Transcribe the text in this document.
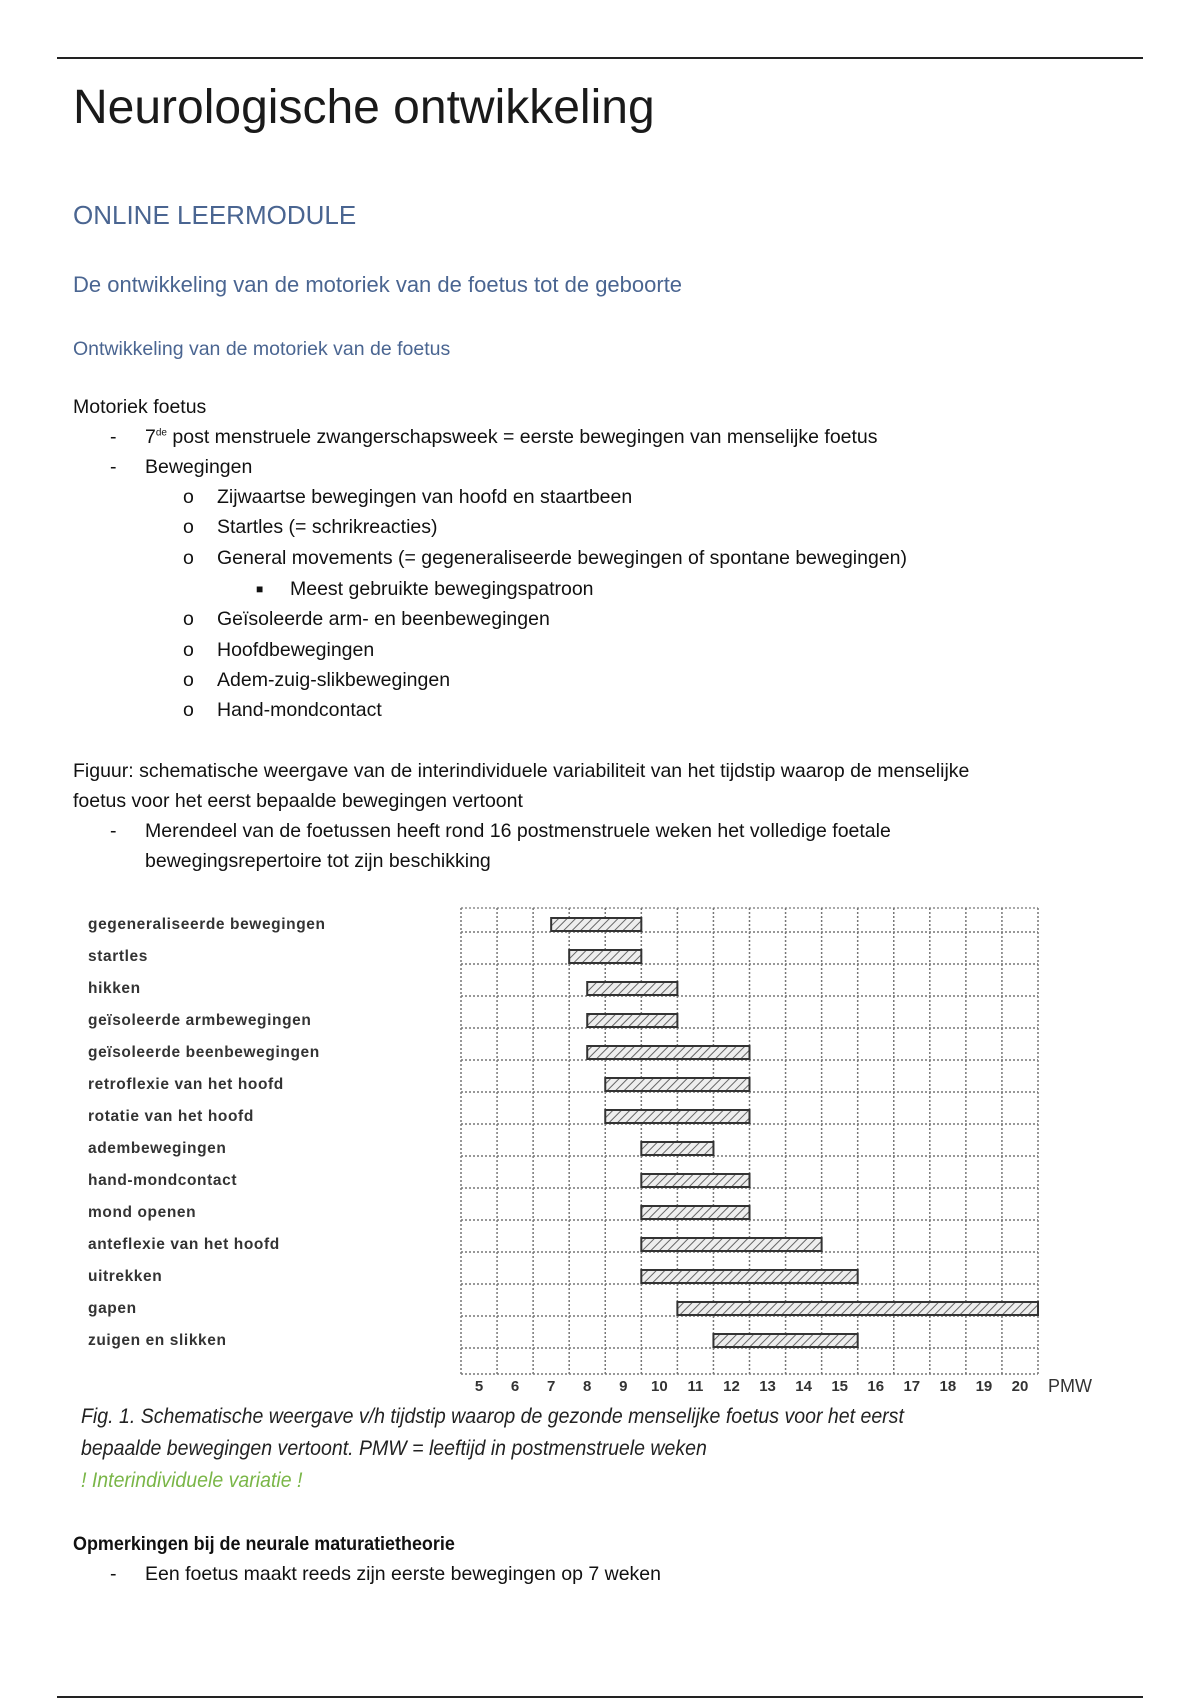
Neurologische ontwikkeling
ONLINE LEERMODULE
De ontwikkeling van de motoriek van de foetus tot de geboorte
Ontwikkeling van de motoriek van de foetus
Motoriek foetus
- 7de post menstruele zwangerschapsweek = eerste bewegingen van menselijke foetus
- Bewegingen
o Zijwaartse bewegingen van hoofd en staartbeen
o Startles (= schrikreacties)
o General movements (= gegeneraliseerde bewegingen of spontane bewegingen)
o Geïsoleerde arm- en beenbewegingen
o Hoofdbewegingen
o Adem-zuig-slikbewegingen
o Hand-mondcontact
■ Meest gebruikte bewegingspatroon
Figuur: schematische weergave van de interindividuele variabiliteit van het tijdstip waarop de menselijke
foetus voor het eerst bepaalde bewegingen vertoont
- Merendeel van de foetussen heeft rond 16 postmenstruele weken het volledige foetale
bewegingsrepertoire tot zijn beschikking
gegeneraliseerde bewegingen
startles
hikken
geïsoleerde armbewegingen
geïsoleerde beenbewegingen
retroflexie van het hoofd
rotatie van het hoofd
adembewegingen
hand-mondcontact
mond openen
anteflexie van het hoofd
uitrekken
gapen
zuigen en slikken
5 6 7 8 9 10 11 12 13 14 15 16 17 18 19 20 PMW
Fig. 1. Schematische weergave v/h tijdstip waarop de gezonde menselijke foetus voor het eerst
bepaalde bewegingen vertoont. PMW = leeftijd in postmenstruele weken
! Interindividuele variatie !
Opmerkingen bij de neurale maturatietheorie
- Een foetus maakt reeds zijn eerste bewegingen op 7 weken
